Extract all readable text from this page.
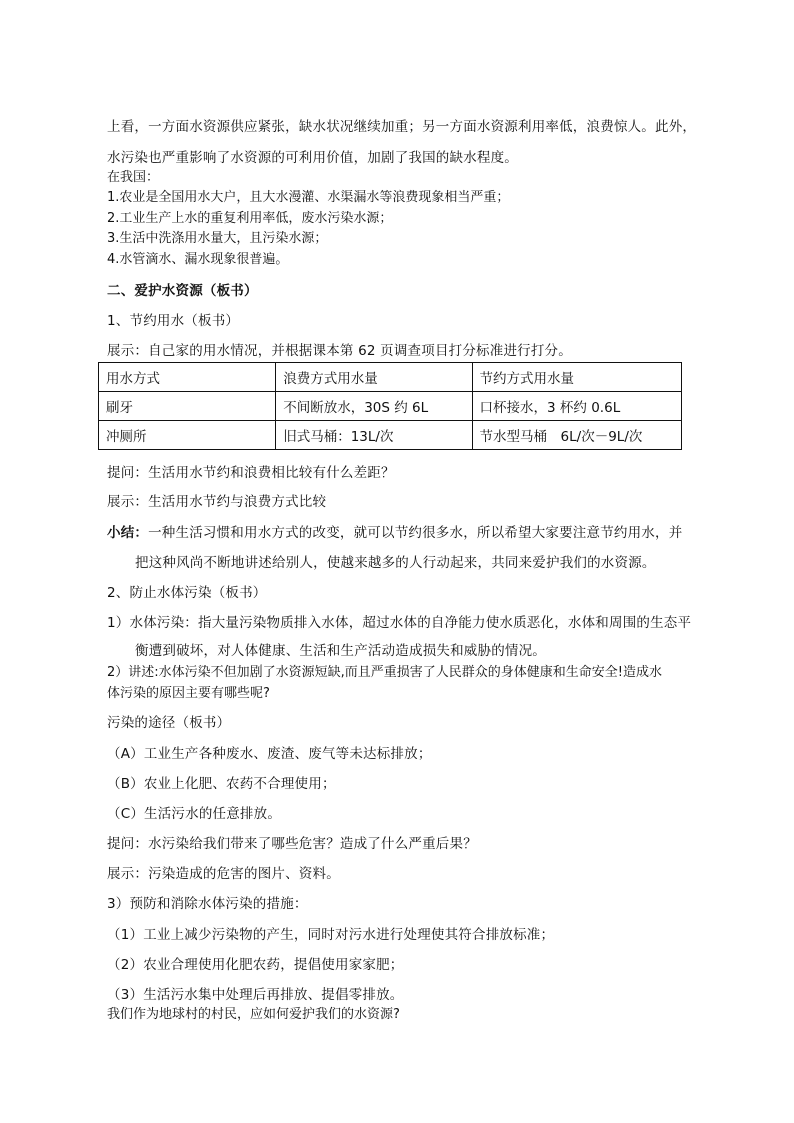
上看，一方面水资源供应紧张，缺水状况继续加重；另一方面水资源利用率低，浪费惊人。此外，
水污染也严重影响了水资源的可利用价值，加剧了我国的缺水程度。
在我国：
1.农业是全国用水大户，且大水漫灌、水渠漏水等浪费现象相当严重；
2.工业生产上水的重复利用率低，废水污染水源；
3.生活中洗涤用水量大，且污染水源；
4.水管滴水、漏水现象很普遍。
二、爱护水资源（板书）
1、节约用水（板书）
展示：自己家的用水情况，并根据课本第 62 页调查项目打分标准进行打分。
用水方式	浪费方式用水量	节约方式用水量
刷牙	不间断放水，30S 约 6L	口杯接水，3 杯约 0.6L
冲厕所	旧式马桶：13L/次	节水型马桶　6L/次－9L/次
提问：生活用水节约和浪费相比较有什么差距？
展示：生活用水节约与浪费方式比较
小结：一种生活习惯和用水方式的改变，就可以节约很多水，所以希望大家要注意节约用水，并
把这种风尚不断地讲述给别人，使越来越多的人行动起来，共同来爱护我们的水资源。
2、防止水体污染（板书）
1）水体污染：指大量污染物质排入水体，超过水体的自净能力使水质恶化，水体和周围的生态平
衡遭到破坏，对人体健康、生活和生产活动造成损失和威胁的情况。
2）讲述:水体污染不但加剧了水资源短缺,而且严重损害了人民群众的身体健康和生命安全!造成水
体污染的原因主要有哪些呢?
污染的途径（板书）
（A）工业生产各种废水、废渣、废气等未达标排放；
（B）农业上化肥、农药不合理使用；
（C）生活污水的任意排放。
提问：水污染给我们带来了哪些危害？造成了什么严重后果？
展示：污染造成的危害的图片、资料。
3）预防和消除水体污染的措施：
（1）工业上减少污染物的产生，同时对污水进行处理使其符合排放标准；
（2）农业合理使用化肥农药，提倡使用家家肥；
（3）生活污水集中处理后再排放、提倡零排放。
我们作为地球村的村民，应如何爱护我们的水资源?
